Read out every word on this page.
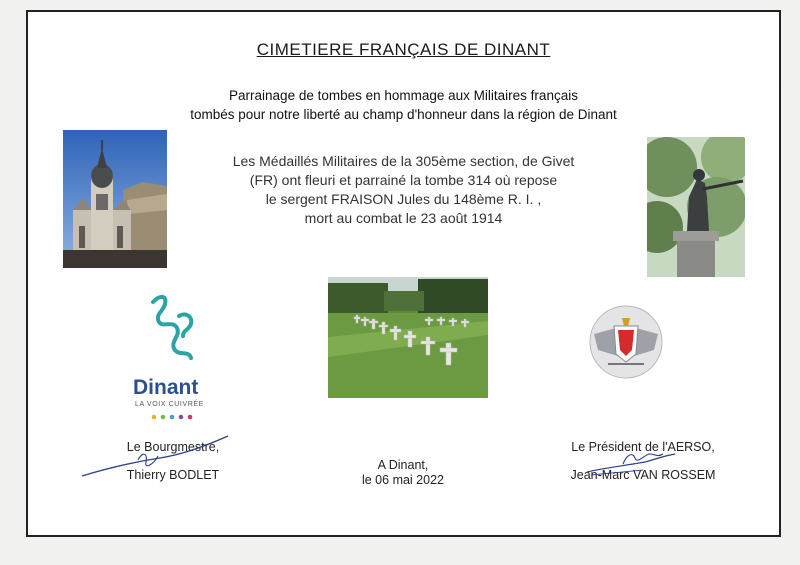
CIMETIERE FRANÇAIS DE DINANT
Parrainage de tombes en hommage aux Militaires français
tombés pour notre liberté au champ d'honneur dans la région de Dinant
Les Médaillés Militaires de la 305ème section, de Givet
(FR) ont fleuri et parrainé la tombe 314 où repose
le sergent FRAISON Jules du 148ème R. I. ,
mort au combat le 23 août 1914
Dinant
LA VOIX CUIVRÉE
Le Bourgmestre,
Thierry BODLET
A Dinant,
le 06 mai 2022
Le Président de l'AERSO,
Jean-Marc VAN ROSSEM
